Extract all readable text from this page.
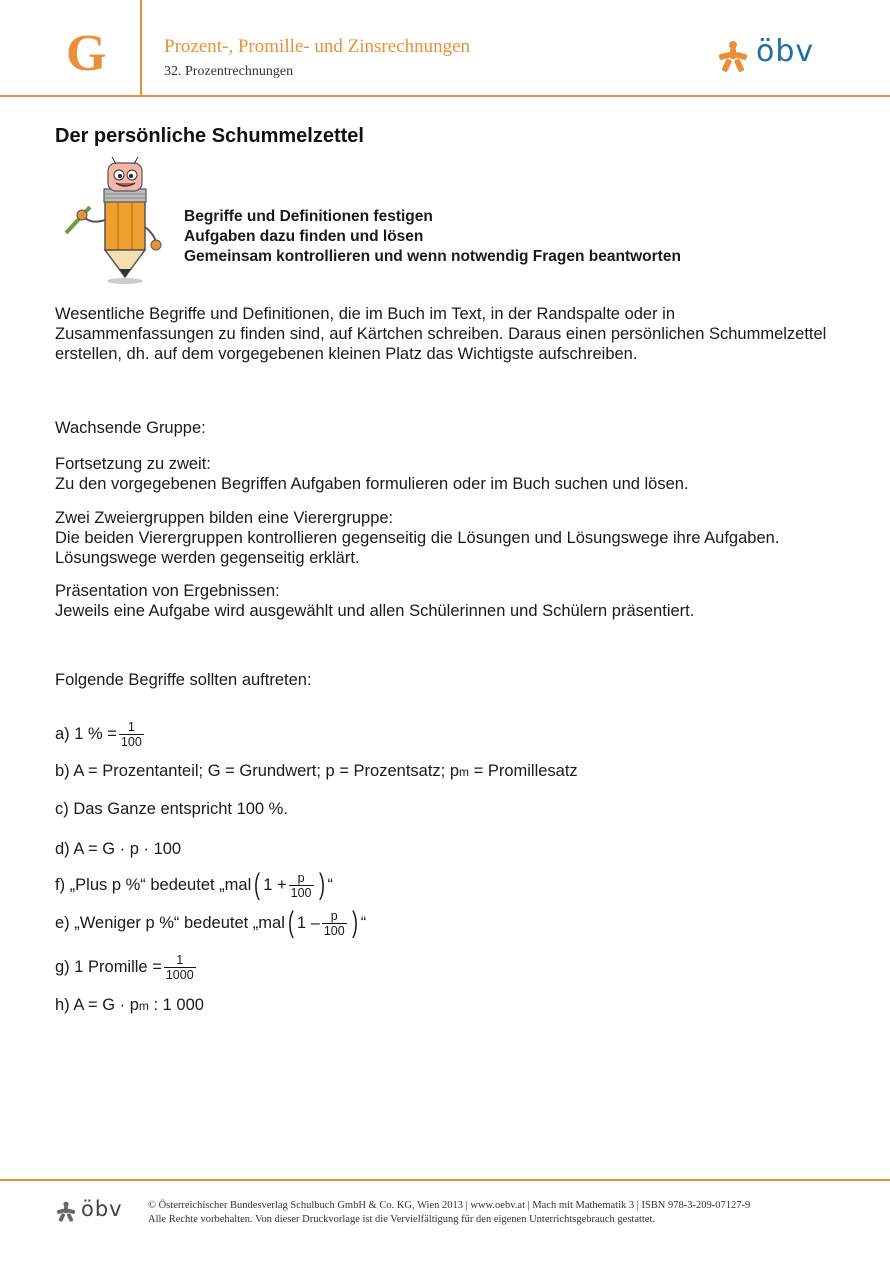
G	Prozent-, Promille- und Zinsrechnungen
32. Prozentrechnungen
öbv
Der persönliche Schummelzettel
Begriffe und Definitionen festigen
Aufgaben dazu finden und lösen
Gemeinsam kontrollieren und wenn notwendig Fragen beantworten
Wesentliche Begriffe und Definitionen, die im Buch im Text, in der Randspalte oder in Zusammenfassungen zu finden sind, auf Kärtchen schreiben. Daraus einen persönlichen Schummelzettel erstellen, dh. auf dem vorgegebenen kleinen Platz das Wichtigste aufschreiben.
Wachsende Gruppe:
Fortsetzung zu zweit:
Zu den vorgegebenen Begriffen Aufgaben formulieren oder im Buch suchen und lösen.
Zwei Zweiergruppen bilden eine Vierergruppe:
Die beiden Vierergruppen kontrollieren gegenseitig die Lösungen und Lösungswege ihre Aufgaben. Lösungswege werden gegenseitig erklärt.
Präsentation von Ergebnissen:
Jeweils eine Aufgabe wird ausgewählt und allen Schülerinnen und Schülern präsentiert.
Folgende Begriffe sollten auftreten:
a) 1 % = $\frac{1}{100}$
b) A = Prozentanteil; G = Grundwert; p = Prozentsatz; p m = Promillesatz
c) Das Ganze entspricht 100 %.
d) A = G · p · 100
f) „Plus p %“ bedeutet „mal ( $1 + \frac{p}{100}$ ) “
e) „Weniger p %“ bedeutet „mal ( $1 - \frac{p}{100}$ ) “
g) 1 Promille = $\frac{1}{1000}$
h) A = G · p m : 1 000
öbv © Österreichischer Bundesverlag Schulbuch GmbH & Co. KG, Wien 2013 | www.oebv.at | Mach mit Mathematik 3 | ISBN 978-3-209-07127-9
Alle Rechte vorbehalten. Von dieser Druckvorlage ist die Vervielfältigung für den eigenen Unterrichtsgebrauch gestattet.
